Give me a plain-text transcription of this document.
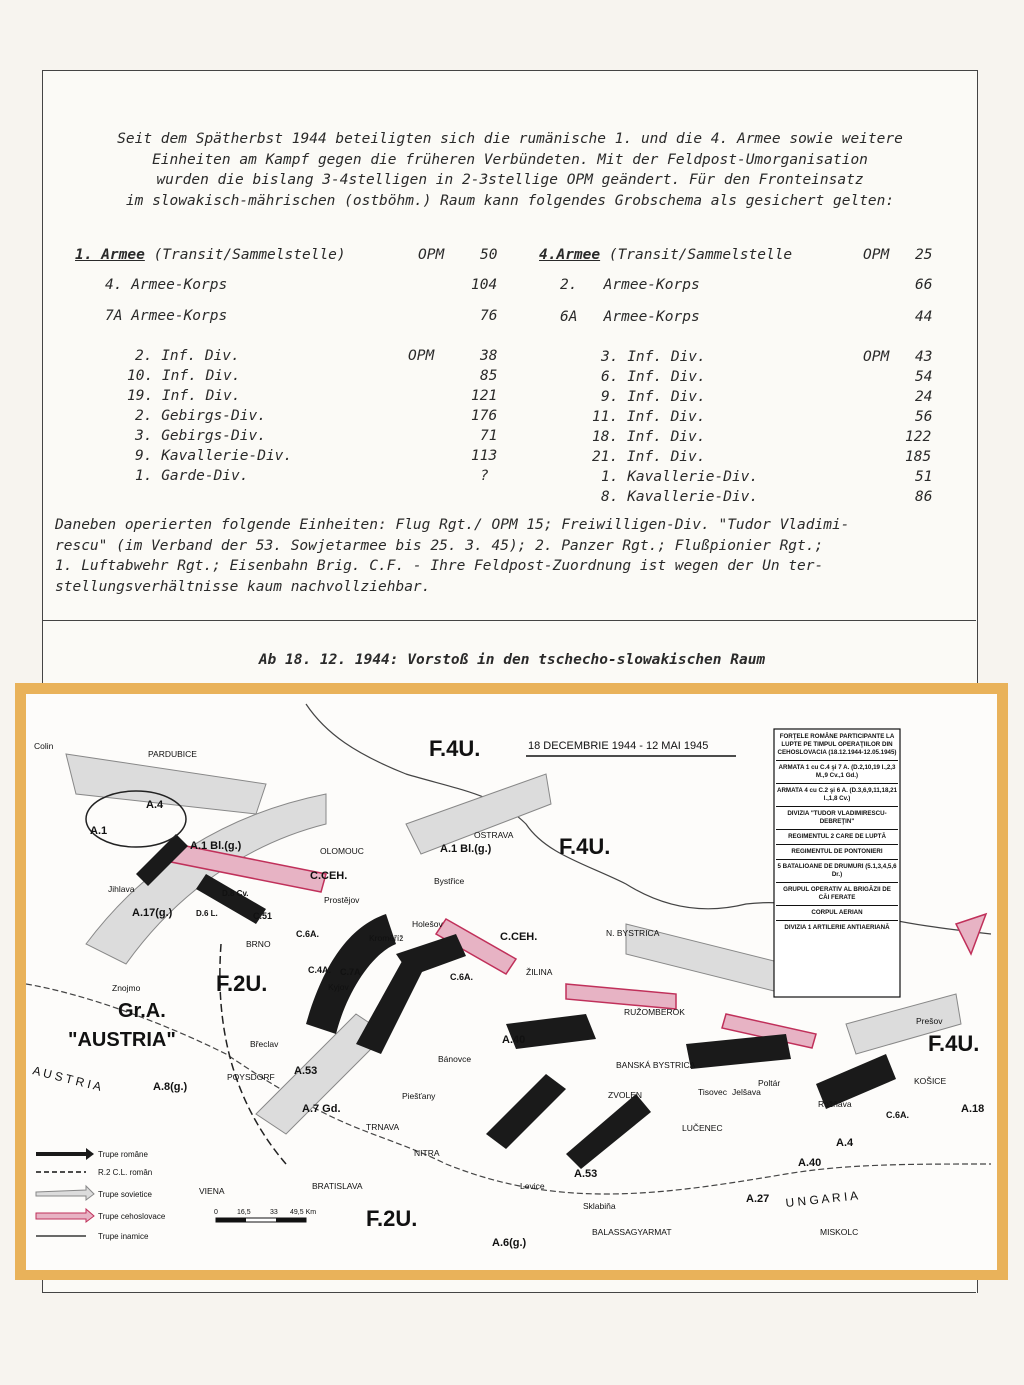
Seit dem Spätherbst 1944 beteiligten sich die rumänische 1. und die 4. Armee sowie weitere
Einheiten am Kampf gegen die früheren Verbündeten. Mit der Feldpost-Umorganisation
wurden die bislang 3-4stelligen in 2-3stellige OPM geändert. Für den Fronteinsatz
im slowakisch-mährischen (ostböhm.) Raum kann folgendes Grobschema als gesichert gelten:
1. Armee (Transit/Sammelstelle)	OPM 50
4. Armee-Korps	104
7A Armee-Korps	76
OPM
2. Inf. Div.	38
10. Inf. Div.	85
19. Inf. Div.	121
2. Gebirgs-Div.	176
3. Gebirgs-Div.	71
9. Kavallerie-Div.	113
1. Garde-Div.	?
4.Armee (Transit/Sammelstelle	OPM 25
2.   Armee-Korps	66
6A   Armee-Korps	44
OPM
3. Inf. Div.	43
6. Inf. Div.	54
9. Inf. Div.	24
11. Inf. Div.	56
18. Inf. Div.	122
21. Inf. Div.	185
1. Kavallerie-Div.	51
8. Kavallerie-Div.	86
Daneben operierten folgende Einheiten: Flug Rgt./ OPM 15; Freiwilligen-Div. "Tudor Vladimi-
rescu" (im Verband der 53. Sowjetarmee bis 25. 3. 45); 2. Panzer Rgt.; Flußpionier Rgt.;
1. Luftabwehr Rgt.; Eisenbahn Brig. C.F. - Ihre Feldpost-Zuordnung ist wegen der Un ter-
stellungsverhältnisse kaum nachvollziehbar.
Ab 18. 12. 1944: Vorstoß in den tschecho-slowakischen Raum
18 DECEMBRIE 1944 - 12 MAI 1945
F.4U.
F.4U.
F.4U.
F.2U.
F.2U.
Gr.A.
"AUSTRIA"
A U S T R I A
U N G A R I A
A.4
A.1
A.1 Bl.(g.)
A.17(g.)
D.8 Cv.
D.6 L.	C.51
C.6A.
C.4A. C.7A
A.1 Bl.(g.)
C.CEH.
C.CEH.
C.6A.
A.40
A.53
A.7 Gd.
A.8(g.)
A.40
A.4
A.18
C.6A.
A.27
A.6(g.)
A.53
PARDUBICE
Colin
OLOMOUC
OSTRAVA
Bystřice
Prostějov
BRNO
Jihlava
Znojmo
Kroměříž
Holešov
Kyjov
N. BYSTRICA
ŽILINA
RUŽOMBEROK
Břeclav
POYSDORF
Bánovce
Piešťany
TRNAVA
NITRA
BRATISLAVA
VIENA
BANSKÁ BYSTRICA
ZVOLEN
LUČENEC
Prešov
KOŠICE
Levice
BALASSAGYARMAT	MISKOLC
Sklabiňa
Poltár
Rožňava
Tisovec Jelšava
FORŢELE ROMÂNE PARTICIPANTE LA LUPTE PE TIMPUL OPERAŢIILOR DIN CEHOSLOVACIA (18.12.1944-12.05.1945)
ARMATA 1 cu C.4 şi 7 A. (D.2,10,19 I.,2,3 M.,9 Cv.,1 Gd.)
ARMATA 4 cu C.2 şi 6 A. (D.3,6,9,11,18,21 I.,1,8 Cv.)
DIVIZIA "TUDOR VLADIMIRESCU-DEBREŢIN"
REGIMENTUL 2 CARE DE LUPTĂ
REGIMENTUL DE PONTONIERI
5 BATALIOANE DE DRUMURI (5.1,3,4,5,6 Dr.)
GRUPUL OPERATIV AL BRIGĂZII DE CĂI FERATE
CORPUL AERIAN
DIVIZIA 1 ARTILERIE ANTIAERIANĂ
Trupe române
R.2 C.L. român
Trupe sovietice
Trupe cehoslovace
Trupe inamice
0	16,5	33 49,5 Km
